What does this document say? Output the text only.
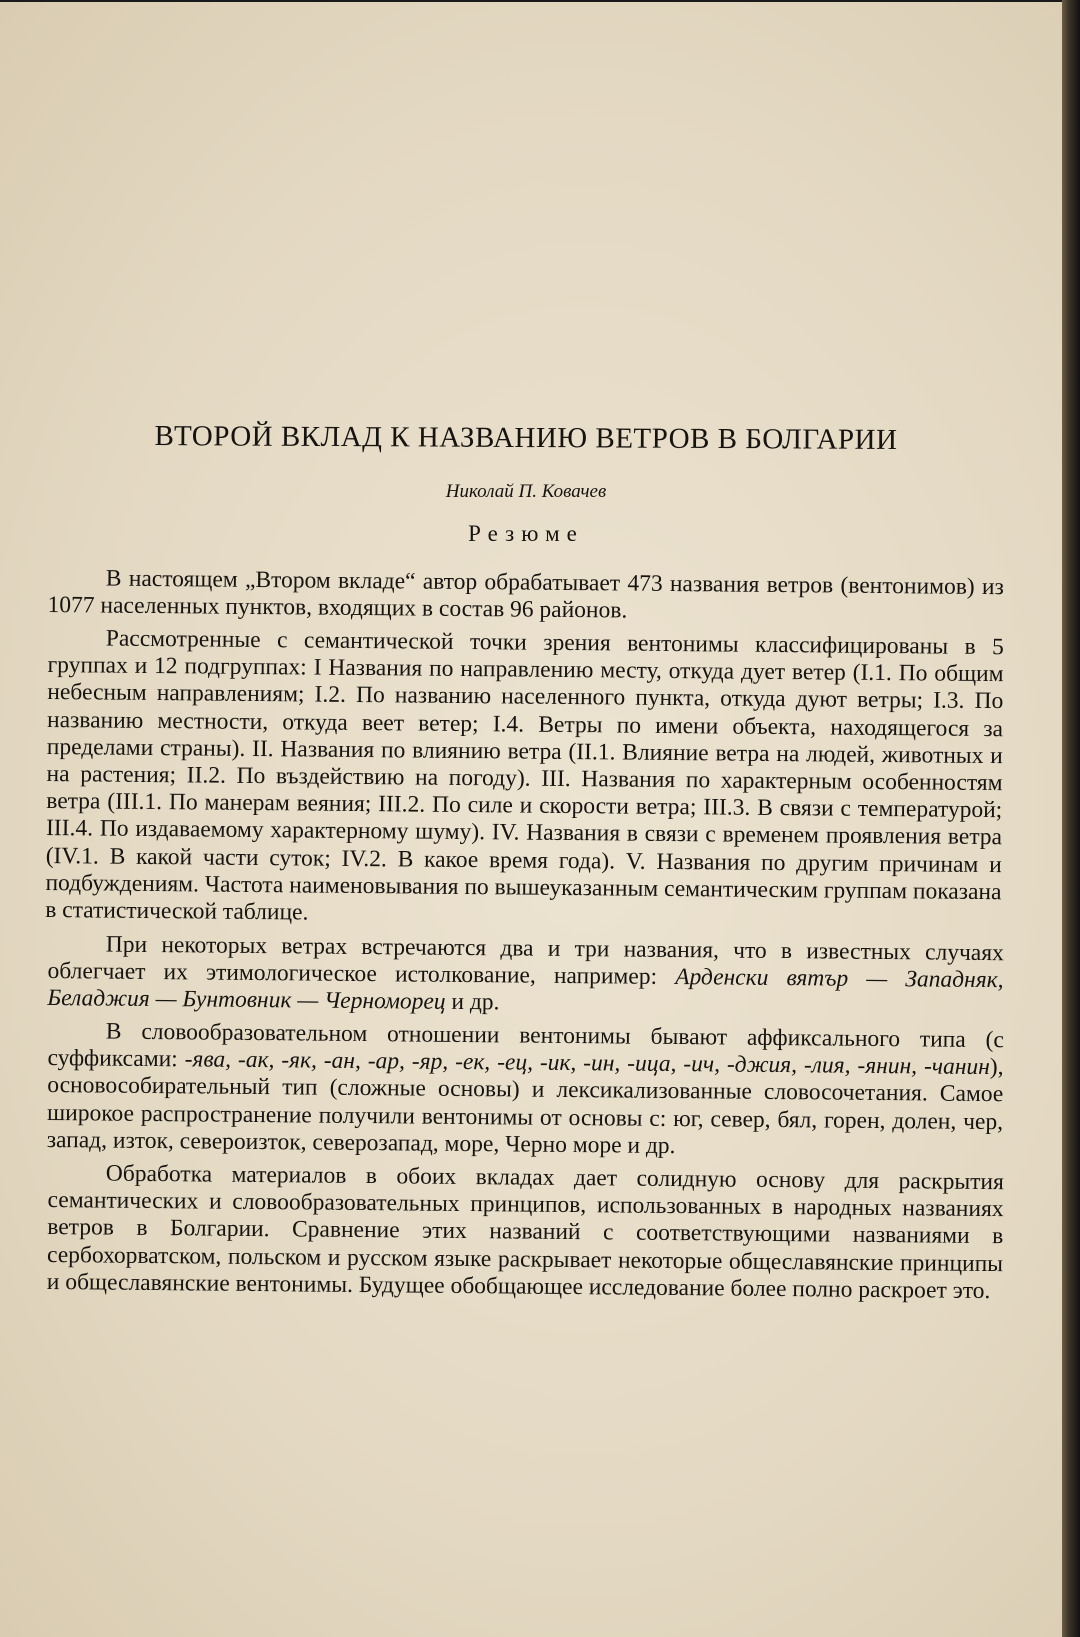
ВТОРОЙ ВКЛАД К НАЗВАНИЮ ВЕТРОВ В БОЛГАРИИ
Николай П. Ковачев
Резюме

В настоящем „Втором вкладе“ автор обрабатывает 473 названия ветров (вентонимов) из 1077 населенных пунктов, входящих в состав 96 районов.

Рассмотренные с семантической точки зрения вентонимы классифицированы в 5 группах и 12 подгруппах: I Названия по направлению месту, откуда дует ветер (I.1. По общим небесным направлениям; I.2. По названию населенного пункта, откуда дуют ветры; I.3. По названию местности, откуда веет ветер; I.4. Ветры по имени объекта, находящегося за пределами страны). II. Названия по влиянию ветра (II.1. Влияние ветра на людей, животных и на растения; II.2. По въздействию на погоду). III. Названия по характерным особенностям ветра (III.1. По манерам веяния; III.2. По силе и скорости ветра; III.3. В связи с температурой; III.4. По издаваемому характерному шуму). IV. Названия в связи с временем проявления ветра (IV.1. В какой части суток; IV.2. В какое время года). V. Названия по другим причинам и подбуждениям. Частота наименовывания по вышеуказанным семантическим группам показана в статистической таблице.

При некоторых ветрах встречаются два и три названия, что в известных случаях облегчает их этимологическое истолкование, например: Арденски вятър — Западняк, Беладжия — Бунтовник — Черноморец и др.

В словообразовательном отношении вентонимы бывают аффиксального типа (с суффиксами: -ява, -ак, -як, -ан, -ар, -яр, -ек, -ец, -ик, -ин, -ица, -ич, -джия, -лия, -янин, -чанин), основособирательный тип (сложные основы) и лексикализованные словосочетания. Самое широкое распространение получили вентонимы от основы с: юг, север, бял, горен, долен, чер, запад, изток, североизток, северозапад, море, Черно море и др.

Обработка материалов в обоих вкладах дает солидную основу для раскрытия семантических и словообразовательных принципов, использованных в народных названиях ветров в Болгарии. Сравнение этих названий с соответствующими названиями в сербохорватском, польском и русском языке раскрывает некоторые общеславянские принципы и общеславянские вентонимы. Будущее обобщающее исследование более полно раскроет это.
